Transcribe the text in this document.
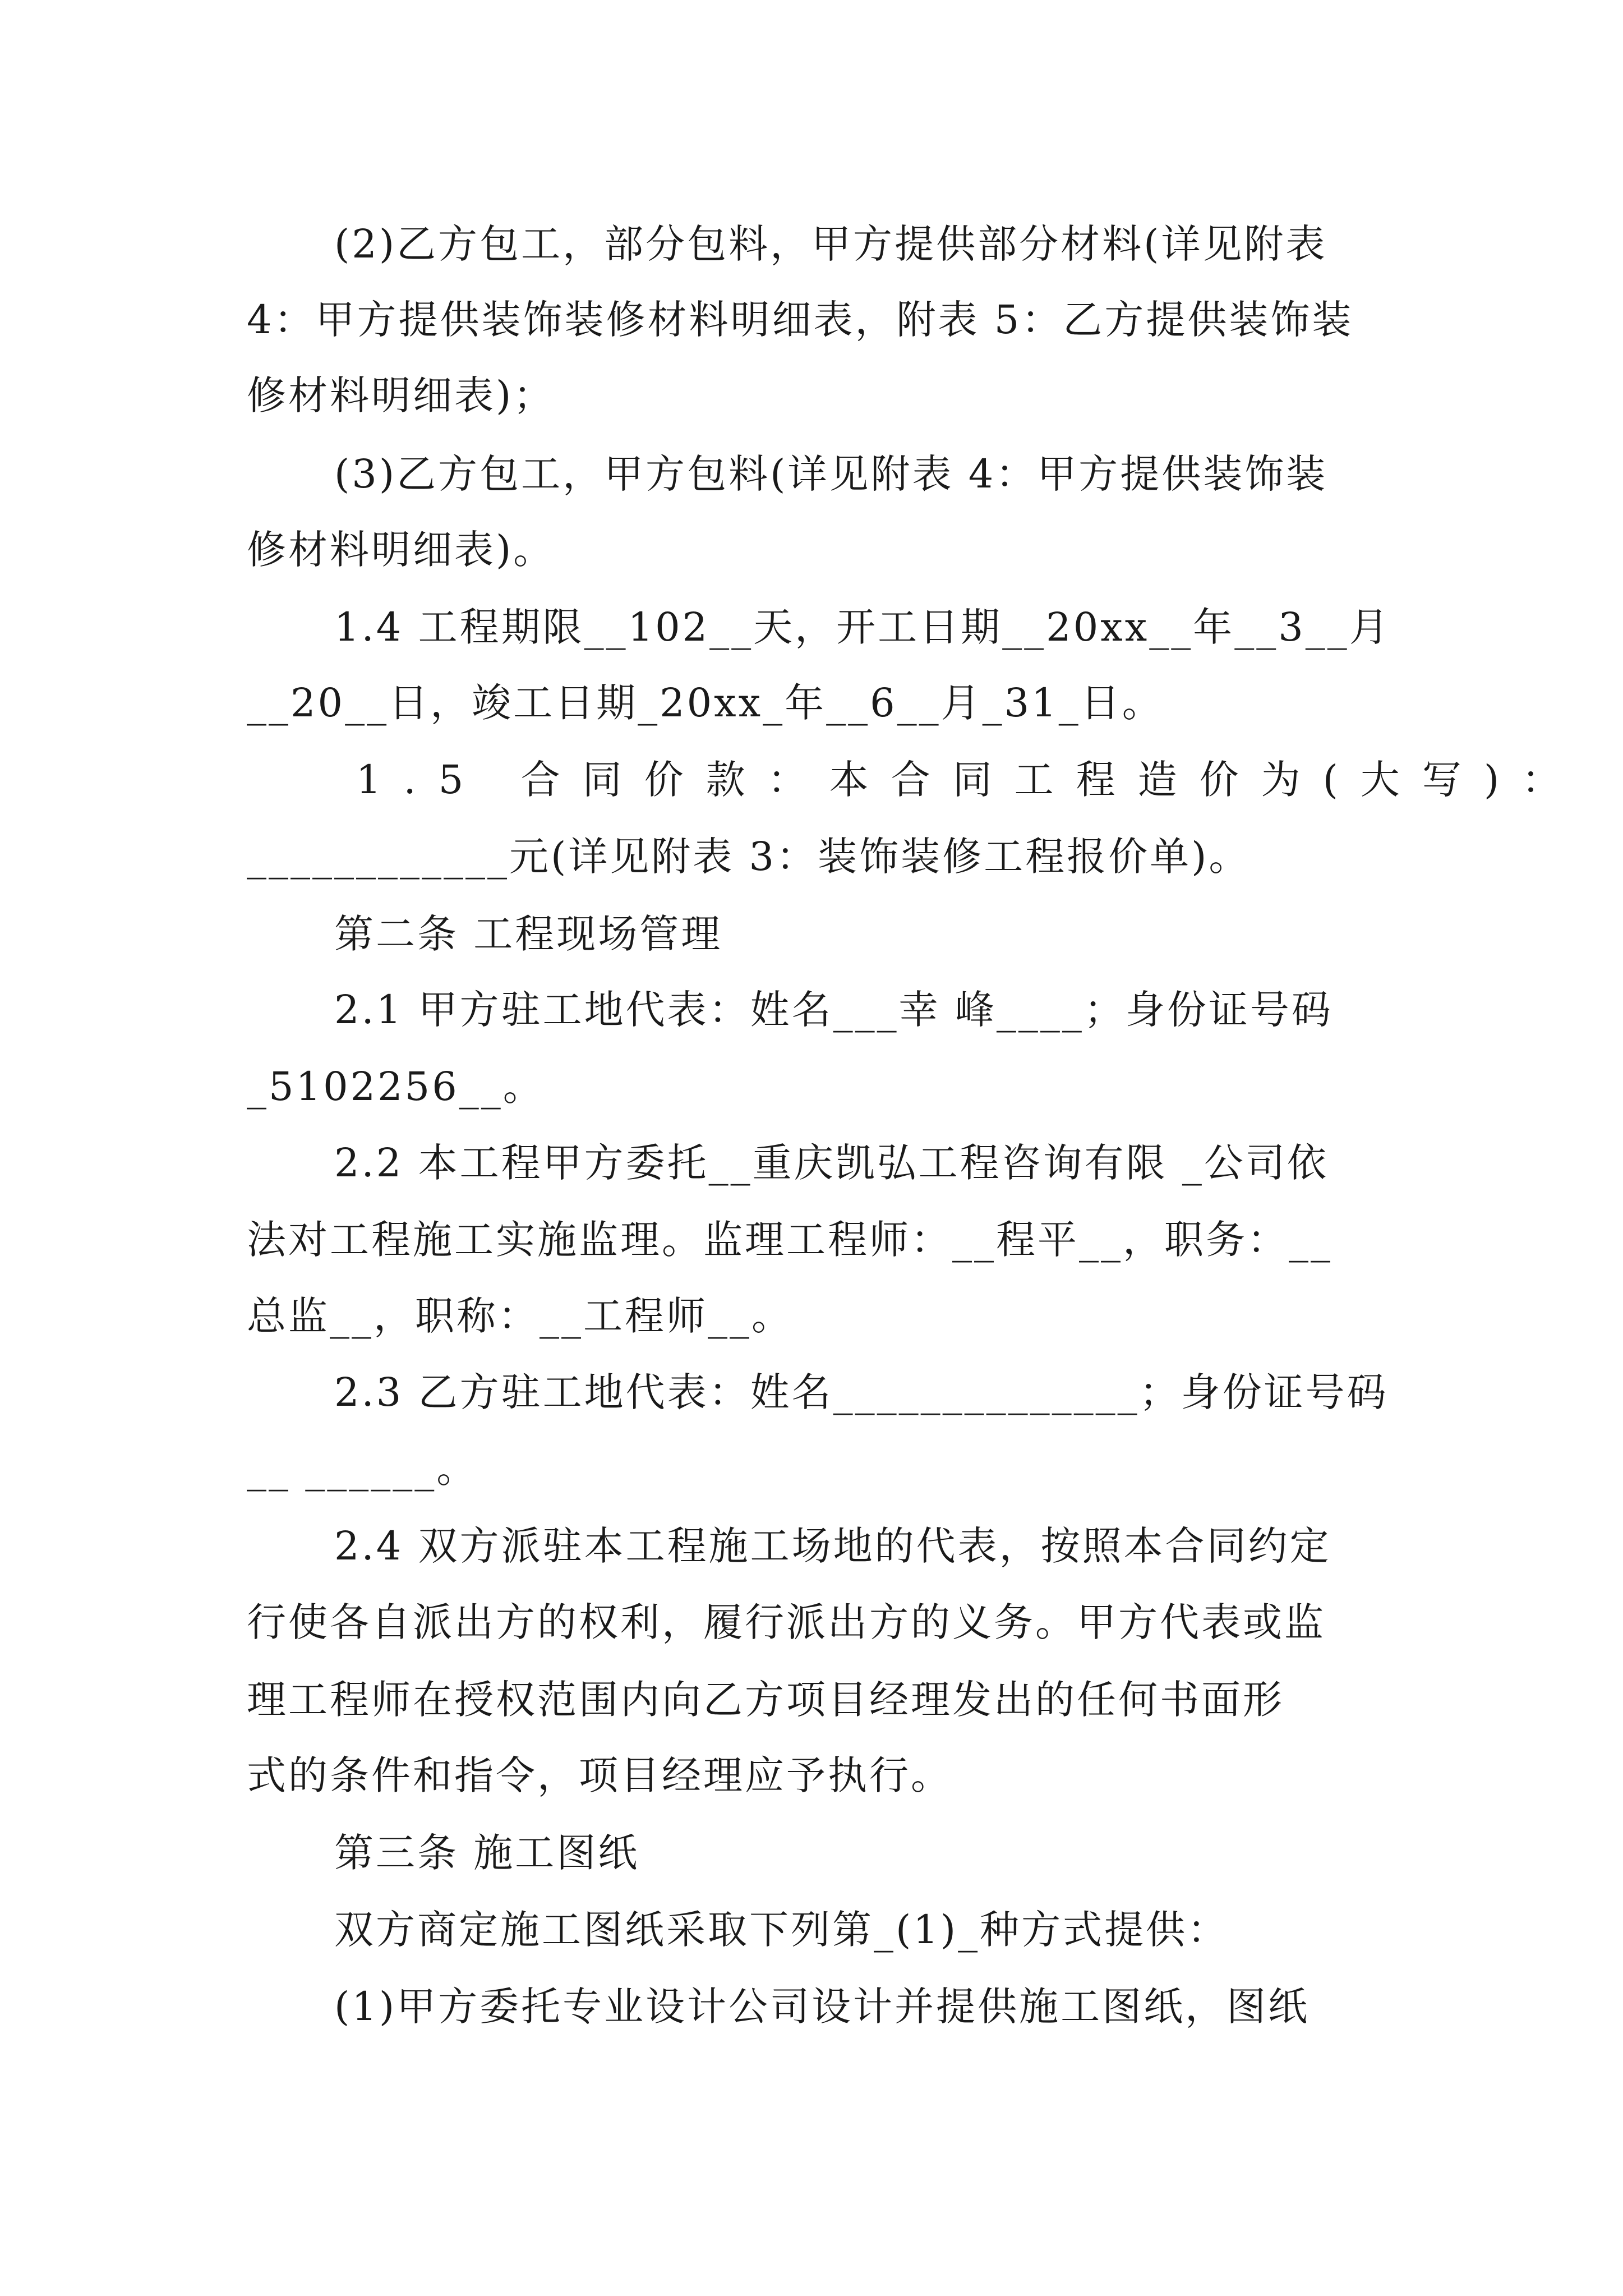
(2)乙方包工，部分包料，甲方提供部分材料(详见附表
4：甲方提供装饰装修材料明细表，附表 5：乙方提供装饰装
修材料明细表)；
(3)乙方包工，甲方包料(详见附表 4：甲方提供装饰装
修材料明细表)。
1.4 工程期限__102__天，开工日期__20xx__年__3__月
__20__日，竣工日期_20xx_年__6__月_31_日。
1.5 合同价款：本合同工程造价为(大写)：
____________元(详见附表 3：装饰装修工程报价单)。
第二条 工程现场管理
2.1 甲方驻工地代表：姓名___幸 峰____；身份证号码
_5102256__。
2.2 本工程甲方委托__重庆凯弘工程咨询有限 _公司依
法对工程施工实施监理。监理工程师：__程平__，职务：__
总监__，职称：__工程师__。
2.3 乙方驻工地代表：姓名______________；身份证号码
__ ______。
2.4 双方派驻本工程施工场地的代表，按照本合同约定
行使各自派出方的权利，履行派出方的义务。甲方代表或监
理工程师在授权范围内向乙方项目经理发出的任何书面形
式的条件和指令，项目经理应予执行。
第三条 施工图纸
双方商定施工图纸采取下列第_(1)_种方式提供：
(1)甲方委托专业设计公司设计并提供施工图纸，图纸
